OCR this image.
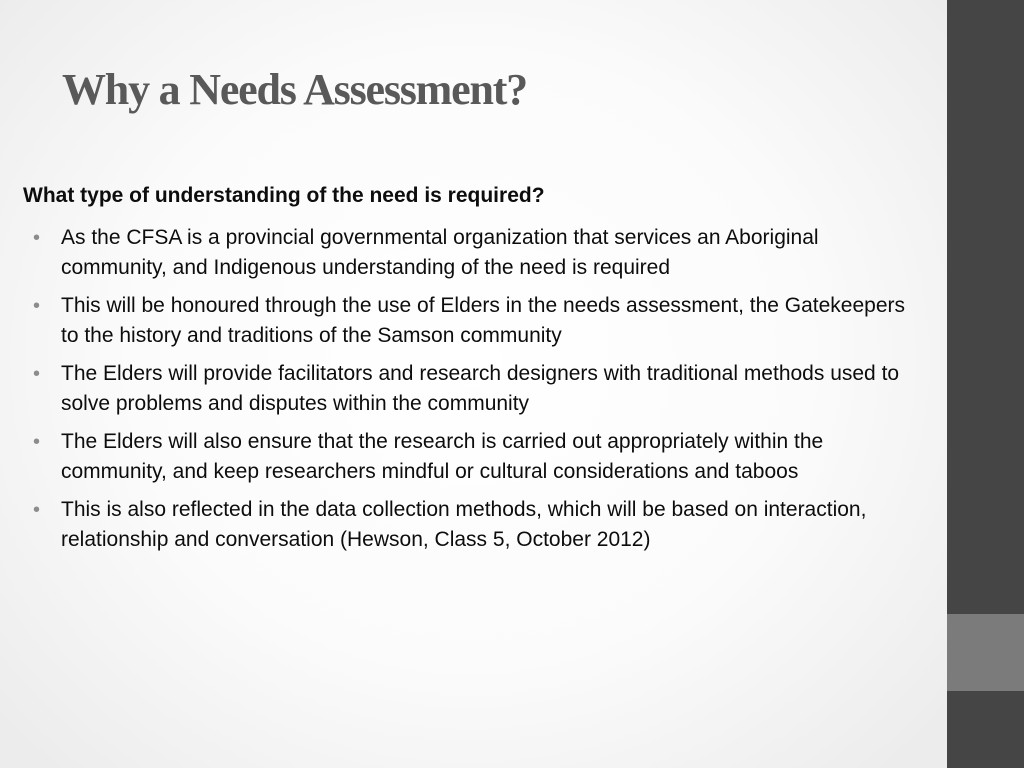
Why a Needs Assessment?

What type of understanding of the need is required?

• As the CFSA is a provincial governmental organization that services an Aboriginal community, and Indigenous understanding of the need is required
• This will be honoured through the use of Elders in the needs assessment, the Gatekeepers to the history and traditions of the Samson community
• The Elders will provide facilitators and research designers with traditional methods used to solve problems and disputes within the community
• The Elders will also ensure that the research is carried out appropriately within the community, and keep researchers mindful or cultural considerations and taboos
• This is also reflected in the data collection methods, which will be based on interaction, relationship and conversation (Hewson, Class 5, October 2012)
